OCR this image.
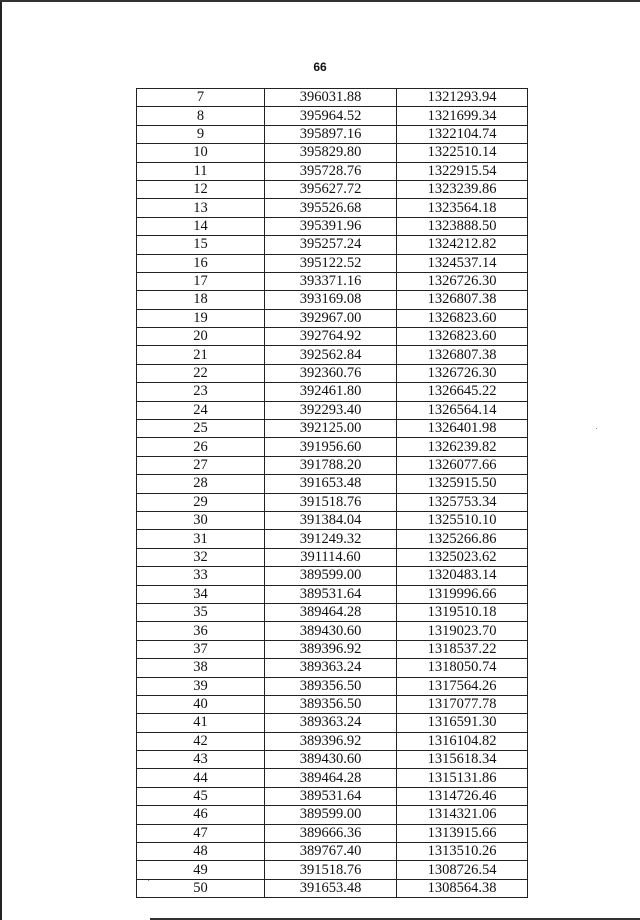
66
7	396031.88	1321293.94
8	395964.52	1321699.34
9	395897.16	1322104.74
10	395829.80	1322510.14
11	395728.76	1322915.54
12	395627.72	1323239.86
13	395526.68	1323564.18
14	395391.96	1323888.50
15	395257.24	1324212.82
16	395122.52	1324537.14
17	393371.16	1326726.30
18	393169.08	1326807.38
19	392967.00	1326823.60
20	392764.92	1326823.60
21	392562.84	1326807.38
22	392360.76	1326726.30
23	392461.80	1326645.22
24	392293.40	1326564.14
25	392125.00	1326401.98
26	391956.60	1326239.82
27	391788.20	1326077.66
28	391653.48	1325915.50
29	391518.76	1325753.34
30	391384.04	1325510.10
31	391249.32	1325266.86
32	391114.60	1325023.62
33	389599.00	1320483.14
34	389531.64	1319996.66
35	389464.28	1319510.18
36	389430.60	1319023.70
37	389396.92	1318537.22
38	389363.24	1318050.74
39	389356.50	1317564.26
40	389356.50	1317077.78
41	389363.24	1316591.30
42	389396.92	1316104.82
43	389430.60	1315618.34
44	389464.28	1315131.86
45	389531.64	1314726.46
46	389599.00	1314321.06
47	389666.36	1313915.66
48	389767.40	1313510.26
49	391518.76	1308726.54
50	391653.48	1308564.38
